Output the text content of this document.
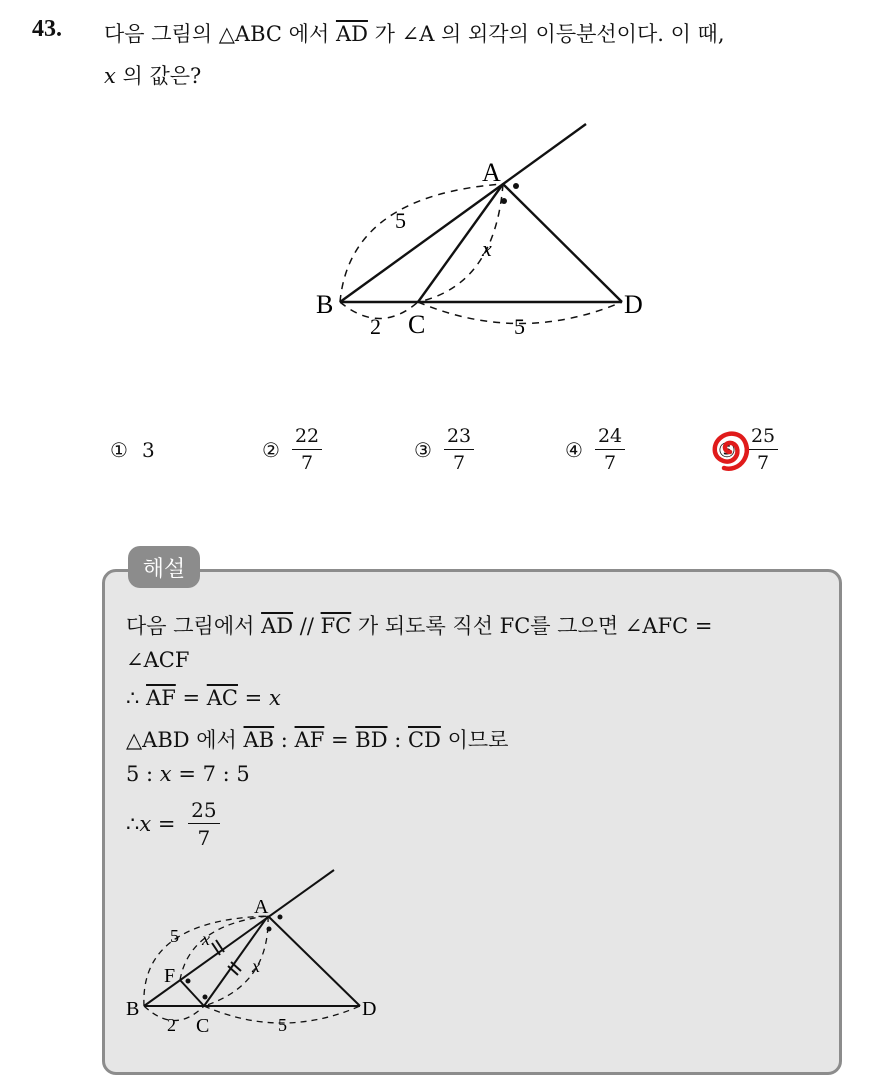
43. 다음 그림의 △ABC 에서 $\overline{AD}$ 가 ∠A 의 외각의 이등분선이다. 이 때,
x 의 값은?
A
B
C
D
5
x
2	5
① 3	② $\frac{22}{7}$	③ $\frac{23}{7}$	④ $\frac{24}{7}$	⑤ $\frac{25}{7}$
해설
다음 그림에서 $\overline{AD} // \overline{FC}$ 가 되도록 직선 FC를 그으면 ∠AFC =
∠ACF
∴ $\overline{AF} = \overline{AC} = x$
△ABD 에서 $\overline{AB}$ : $\overline{AF} = \overline{BD}$ : $\overline{CD}$ 이므로
5 : x = 7 : 5
∴ $x = \frac{25}{7}$
A
B
C
D
F
5 x
x
2	5
